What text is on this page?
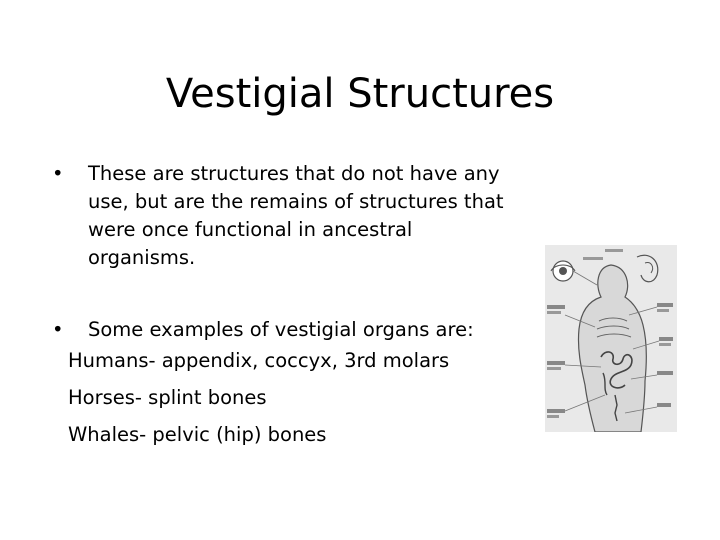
Vestigial Structures
•	These are structures that do not have any use, but are the remains of structures that were once functional in ancestral organisms.
•	Some examples of vestigial organs are:
Humans- appendix, coccyx, 3rd molars
Horses- splint bones
Whales- pelvic (hip) bones
